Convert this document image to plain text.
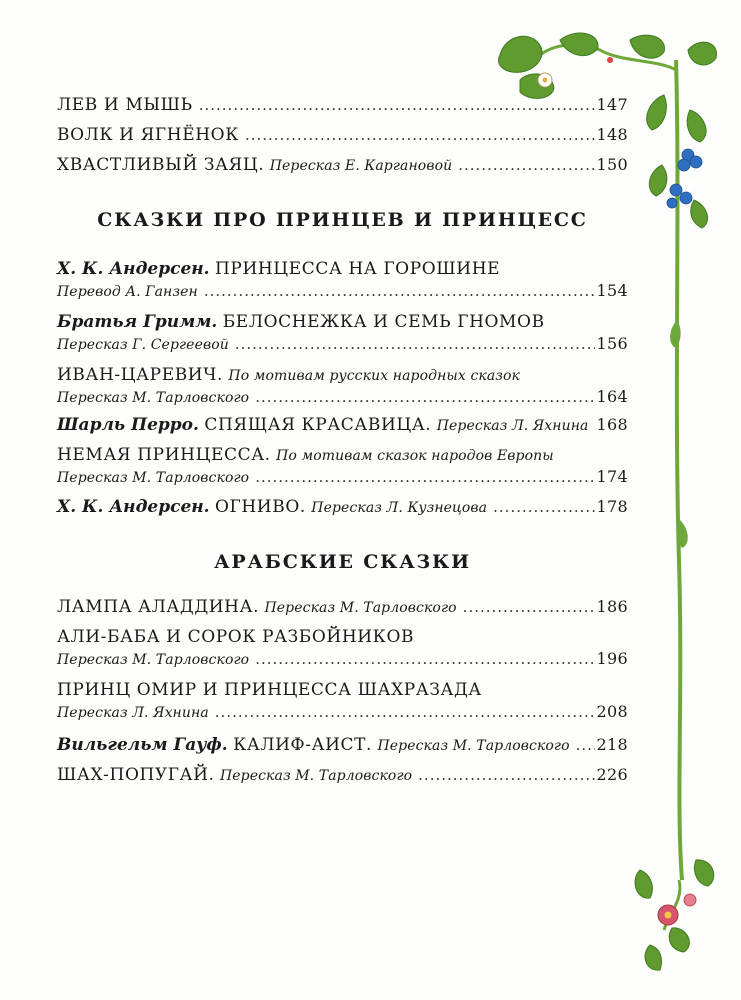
ЛЕВ И МЫШЬ .....	147
ВОЛК И ЯГНЁНОК .....	148
ХВАСТЛИВЫЙ ЗАЯЦ.
Пересказ Е. Каргановой .....	150
СКАЗКИ ПРО ПРИНЦЕВ И ПРИНЦЕСС
Х. К. Андерсен.
ПРИНЦЕССА НА ГОРОШИНЕ
Перевод А. Ганзен .....	154
Братья Гримм.
БЕЛОСНЕЖКА И СЕМЬ ГНОМОВ
Пересказ Г. Сергеевой .....	156
ИВАН-ЦАРЕВИЧ.
По мотивам русских народных сказок
Пересказ М. Тарловского .....	164
Шарль Перро.
СПЯЩАЯ КРАСАВИЦА.
Пересказ Л. Яхнина ..... 168
НЕМАЯ ПРИНЦЕССА.
По мотивам сказок народов Европы
Пересказ М. Тарловского .....	174
Х. К. Андерсен.
ОГНИВО.
Пересказ Л. Кузнецова .....	178
АРАБСКИЕ СКАЗКИ
ЛАМПА АЛАДДИНА.
Пересказ М. Тарловского .....	186
АЛИ-БАБА И СОРОК РАЗБОЙНИКОВ
Пересказ М. Тарловского .....	196
ПРИНЦ ОМИР И ПРИНЦЕССА ШАХРАЗАДА
Пересказ Л. Яхнина .....	208
Вильгельм Гауф.
КАЛИФ-АИСТ.
Пересказ М. Тарловского ..... 218
ШАХ-ПОПУГАЙ.
Пересказ М. Тарловского .....	226
